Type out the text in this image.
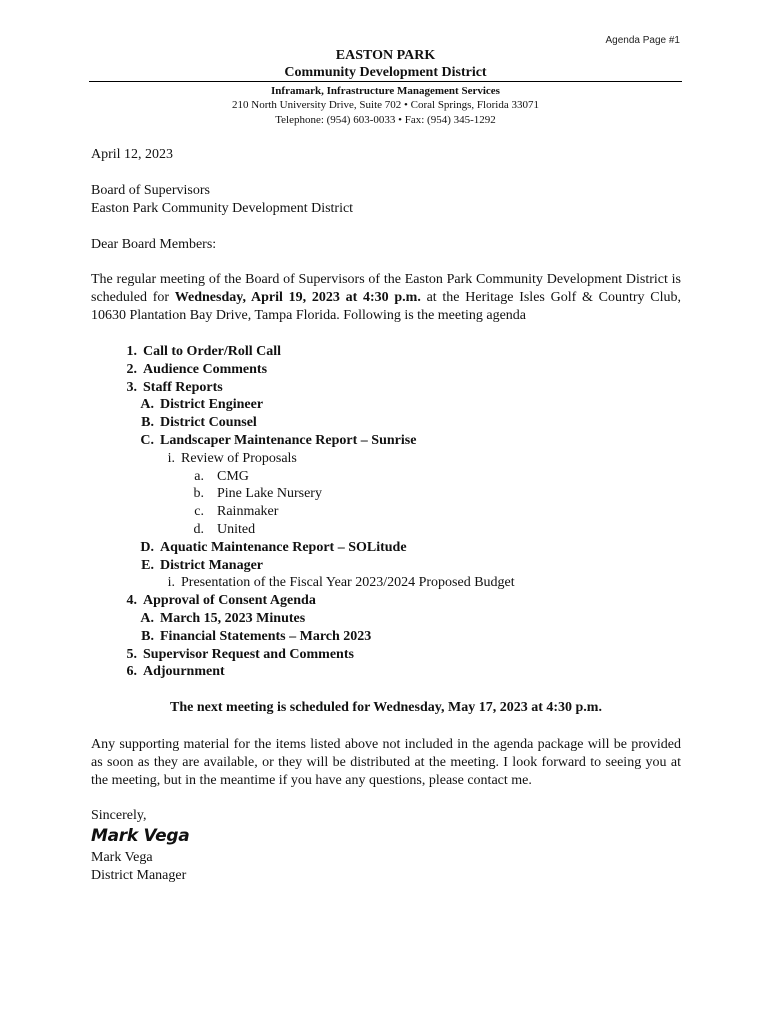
Agenda Page #1
EASTON PARK
Community Development District
Inframark, Infrastructure Management Services
210 North University Drive, Suite 702 • Coral Springs, Florida 33071
Telephone: (954) 603-0033 • Fax: (954) 345-1292
April 12, 2023
Board of Supervisors
Easton Park Community Development District
Dear Board Members:
The regular meeting of the Board of Supervisors of the Easton Park Community Development District is scheduled for Wednesday, April 19, 2023 at 4:30 p.m. at the Heritage Isles Golf & Country Club, 10630 Plantation Bay Drive, Tampa Florida. Following is the meeting agenda
1. Call to Order/Roll Call
2. Audience Comments
3. Staff Reports
A. District Engineer
B. District Counsel
C. Landscaper Maintenance Report – Sunrise
i. Review of Proposals
a. CMG
b. Pine Lake Nursery
c. Rainmaker
d. United
D. Aquatic Maintenance Report – SOLitude
E. District Manager
i. Presentation of the Fiscal Year 2023/2024 Proposed Budget
4. Approval of Consent Agenda
A. March 15, 2023 Minutes
B. Financial Statements – March 2023
5. Supervisor Request and Comments
6. Adjournment
The next meeting is scheduled for Wednesday, May 17, 2023 at 4:30 p.m.
Any supporting material for the items listed above not included in the agenda package will be provided as soon as they are available, or they will be distributed at the meeting. I look forward to seeing you at the meeting, but in the meantime if you have any questions, please contact me.
Sincerely,
Mark Vega
Mark Vega
District Manager
